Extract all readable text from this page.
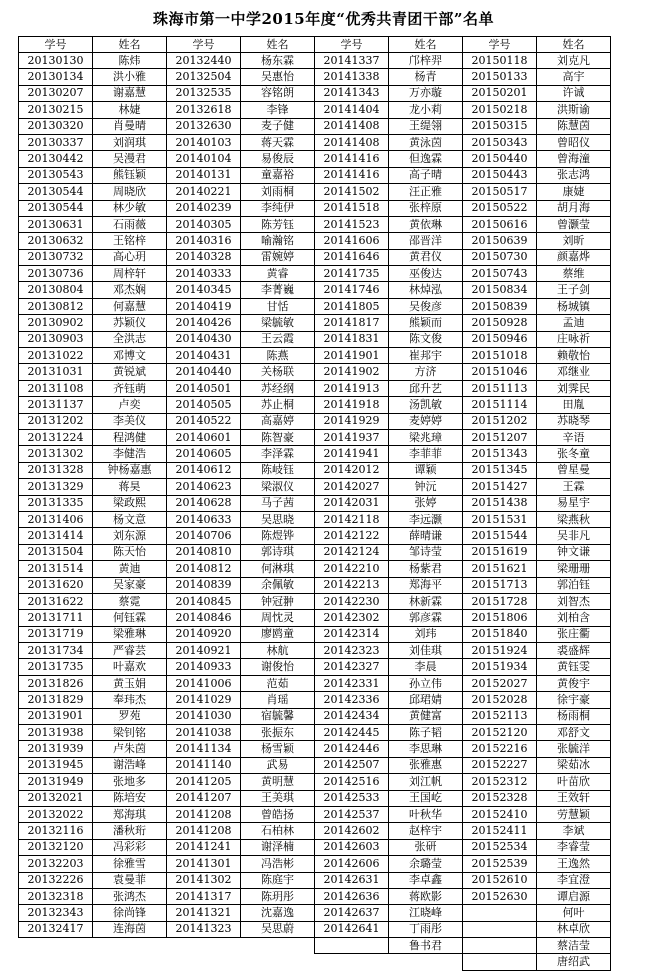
珠海市第一中学2015年度“优秀共青团干部”名单
学号	姓名	学号	姓名	学号	姓名	学号	姓名
20130130	陈炜	20132440	杨东霖	20141337	邝梓羿	20150118	刘克凡
20130134	洪小雅	20132504	吴惠怡	20141338	杨青	20150133	高宇
20130207	谢嘉慧	20132535	容铭朗	20141343	万亦璇	20150201	许诚
20130215	林婕	20132618	李锋	20141404	龙小莉	20150218	洪斯谕
20130320	肖曼晴	20132630	麦子健	20141408	王缇翎	20150315	陈慧茵
20130337	刘润琪	20140103	蒋天霖	20141408	黄泳茵	20150343	曾昭仪
20130442	吴漫君	20140104	易俊辰	20141416	但逸霖	20150440	曾海潼
20130543	熊钰颖	20140131	童嘉裕	20141416	高子晴	20150443	张志鸿
20130544	周晓欣	20140221	刘雨桐	20141502	汪正雅	20150517	康婕
20130544	林少敏	20140239	李纯伊	20141518	张梓原	20150522	胡月海
20130631	石雨薇	20140305	陈芳钰	20141523	黄依琳	20150616	曾灏莹
20130632	王铭梓	20140316	喻瀚铭	20141606	邵晋洋	20150639	刘昕
20130732	高心玥	20140328	雷婉婷	20141646	黄君仪	20150730	颜嘉烨
20130736	周梓轩	20140333	黄睿	20141735	巫俊达	20150743	蔡维
20130804	邓杰娴	20140345	李菁巍	20141746	林焯泓	20150834	王子剑
20130812	何嘉慧	20140419	甘恬	20141805	吴俊彦	20150839	杨城镇
20130902	苏颖仪	20140426	梁毓敏	20141817	熊颖而	20150928	孟迪
20130903	全洪志	20140430	王云霞	20141831	陈文俊	20150946	庄咏祈
20131022	邓博文	20140431	陈燕	20141901	崔邦宇	20151018	赖敬怡
20131031	黄锐斌	20140440	关杨联	20141902	方济	20151046	邓继业
20131108	齐钰萌	20140501	苏经纲	20141913	邱升艺	20151113	刘霁民
20131137	卢奕	20140505	苏止桐	20141918	汤凯敏	20151114	田胤
20131202	李美仪	20140522	高嘉婷	20141929	麦婷婷	20151202	苏晓琴
20131224	程鸿健	20140601	陈智豪	20141937	梁兆璋	20151207	辛语
20131302	李健浩	20140605	李泽霖	20141941	李菲菲	20151343	张冬童
20131328	钟杨嘉惠	20140612	陈岐钰	20142012	谭颖	20151345	曾星曼
20131329	蒋昊	20140623	梁淑仪	20142027	钟沅	20151427	王霖
20131335	梁政熙	20140628	马子茜	20142031	张婷	20151438	易星宇
20131406	杨文意	20140633	吴思晓	20142118	李远灏	20151531	梁燕秋
20131414	刘东源	20140706	陈煜铧	20142122	薛晴谦	20151544	吴非凡
20131504	陈天怡	20140810	郭诗琪	20142124	邹诗莹	20151619	钟文谦
20131514	黄迪	20140812	何淋琪	20142210	杨紫君	20151621	梁珊珊
20131620	吴家豪	20140839	余佩敏	20142213	郑海平	20151713	郭泊钰
20131622	蔡霓	20140845	钟冠翀	20142230	林新霖	20151728	刘智杰
20131711	何钰霖	20140846	周忱灵	20142302	郭彦霖	20151806	刘柏含
20131719	梁雅琳	20140920	廖鸥童	20142314	刘玮	20151840	张庄衢
20131734	严睿芸	20140921	林航	20142323	刘佳琪	20151924	裘盛辉
20131735	叶嘉欢	20140933	谢俊怡	20142327	李晨	20151934	黄钰雯
20131826	黄玉娟	20141006	范茹	20142331	孙立伟	20152027	黄俊宇
20131829	奉玮杰	20141029	肖瑶	20142336	邱珺婧	20152028	徐宇豪
20131901	罗苑	20141030	宿毓馨	20142434	黄健富	20152113	杨雨桐
20131938	梁钊铭	20141038	张振东	20142445	陈子韬	20152120	邓舒文
20131939	卢朱茵	20141134	杨雪颖	20142446	李思琳	20152216	张毓洋
20131945	谢浩峰	20141140	武易	20142507	张雅惠	20152227	梁茹冰
20131949	张地多	20141205	黄明慧	20142516	刘江帆	20152312	叶苗欣
20132021	陈培安	20141207	王美琪	20142533	王国屹	20152328	王效轩
20132022	郑海琪	20141208	曾皓扬	20142537	叶秋华	20152410	劳慧颖
20132116	潘秋珩	20141208	石柏林	20142602	赵梓宇	20152411	李斌
20132120	冯彩彩	20141241	谢泽楠	20142603	张研	20152534	李睿莹
20132203	徐雅雪	20141301	冯浩彬	20142606	余璐莹	20152539	王逸然
20132226	袁曼菲	20141302	陈庭宇	20142631	李卓鑫	20152610	李宜澄
20132318	张鸿杰	20141317	陈玥彤	20142636	蒋欧影	20152630	谭启源
20132343	徐尚锋	20141321	沈嘉逸	20142637	江晓峰		何叶
20132417	连海茵	20141323	吴思蔚	20142641	丁雨彤		林卓欣
					鲁书君		蔡洁莹
							唐绍武
